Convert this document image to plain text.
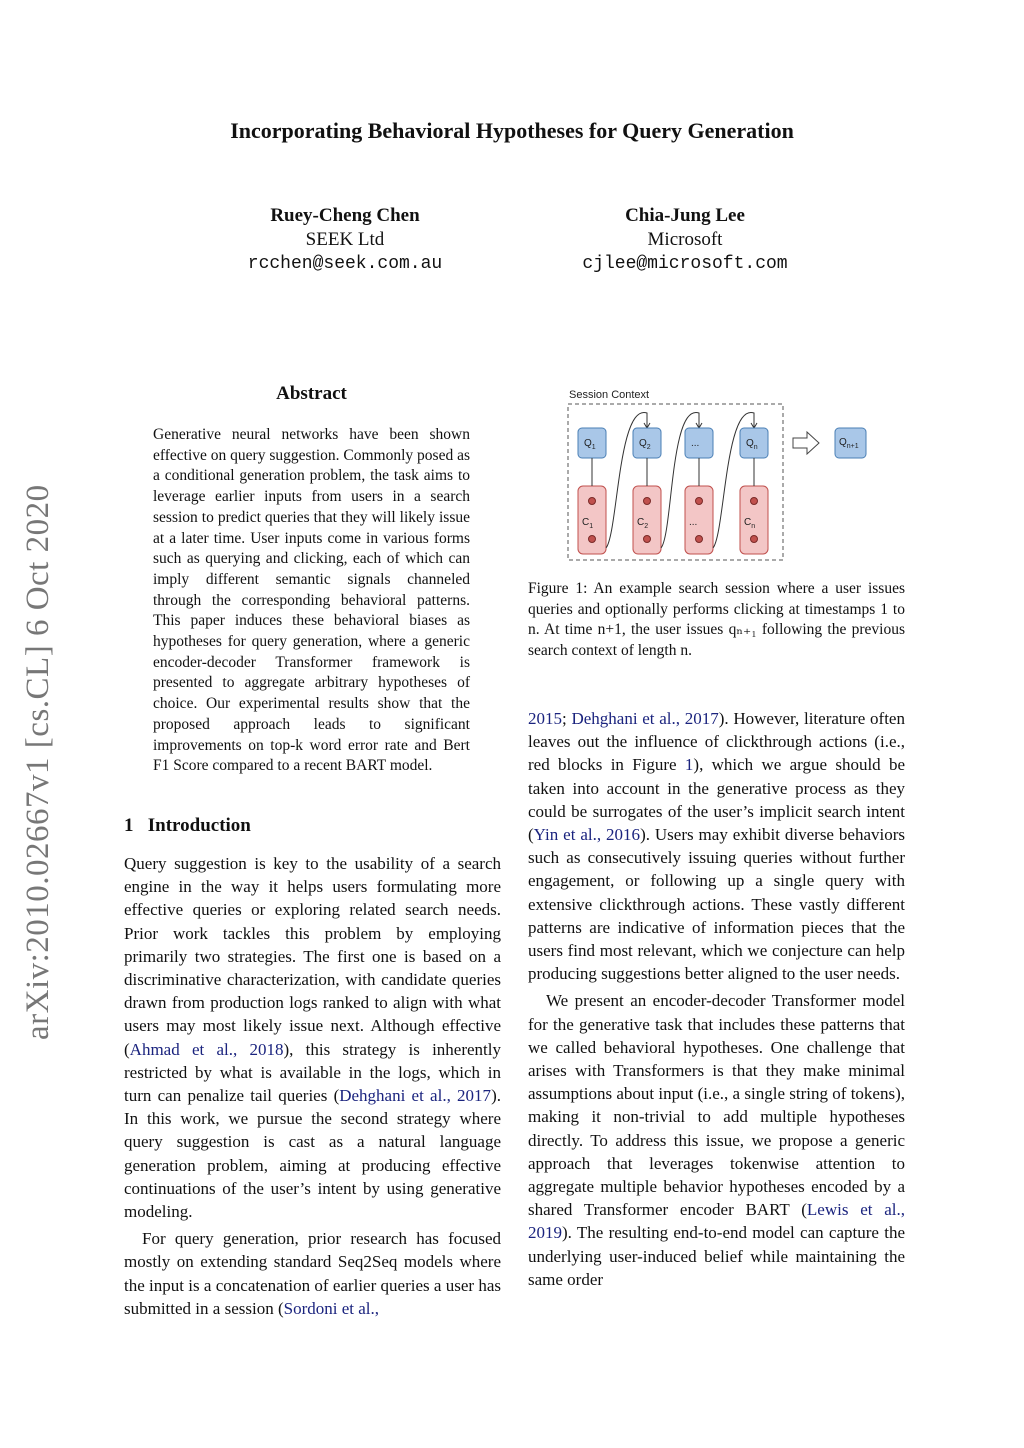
Incorporating Behavioral Hypotheses for Query Generation
Ruey-Cheng Chen
SEEK Ltd
rcchen@seek.com.au
Chia-Jung Lee
Microsoft
cjlee@microsoft.com
arXiv:2010.02667v1 [cs.CL] 6 Oct 2020
Abstract
Generative neural networks have been shown effective on query suggestion. Commonly posed as a conditional generation problem, the task aims to leverage earlier inputs from users in a search session to predict queries that they will likely issue at a later time. User inputs come in various forms such as querying and clicking, each of which can imply different semantic signals channeled through the corresponding behavioral patterns. This paper induces these behavioral biases as hypotheses for query generation, where a generic encoder-decoder Transformer framework is presented to aggregate arbitrary hypotheses of choice. Our experimental results show that the proposed approach leads to significant improvements on top-k word error rate and Bert F1 Score compared to a recent BART model.
1   Introduction
Query suggestion is key to the usability of a search engine in the way it helps users formulating more effective queries or exploring related search needs. Prior work tackles this problem by employing primarily two strategies. The first one is based on a discriminative characterization, with candidate queries drawn from production logs ranked to align with what users may most likely issue next. Although effective (Ahmad et al., 2018), this strategy is inherently restricted by what is available in the logs, which in turn can penalize tail queries (Dehghani et al., 2017). In this work, we pursue the second strategy where query suggestion is cast as a natural language generation problem, aiming at producing effective continuations of the user’s intent by using generative modeling.
For query generation, prior research has focused mostly on extending standard Seq2Seq models where the input is a concatenation of earlier queries a user has submitted in a session (Sordoni et al.,
Session Context
$Q_1$
$C_1$
$Q_2$
$C_2$
...
...
$Q_n$
$C_n$
$Q_{n+1}$
Figure 1: An example search session where a user issues queries and optionally performs clicking at timestamps 1 to n. At time n+1, the user issues qₙ₊₁ following the previous search context of length n.
2015; Dehghani et al., 2017). However, literature often leaves out the influence of clickthrough actions (i.e., red blocks in Figure 1), which we argue should be taken into account in the generative process as they could be surrogates of the user’s implicit search intent (Yin et al., 2016). Users may exhibit diverse behaviors such as consecutively issuing queries without further engagement, or following up a single query with extensive clickthrough actions. These vastly different patterns are indicative of information pieces that the users find most relevant, which we conjecture can help producing suggestions better aligned to the user needs.
We present an encoder-decoder Transformer model for the generative task that includes these patterns that we called behavioral hypotheses. One challenge that arises with Transformers is that they make minimal assumptions about input (i.e., a single string of tokens), making it non-trivial to add multiple hypotheses directly. To address this issue, we propose a generic approach that leverages tokenwise attention to aggregate multiple behavior hypotheses encoded by a shared Transformer encoder BART (Lewis et al., 2019). The resulting end-to-end model can capture the underlying user-induced belief while maintaining the same order
